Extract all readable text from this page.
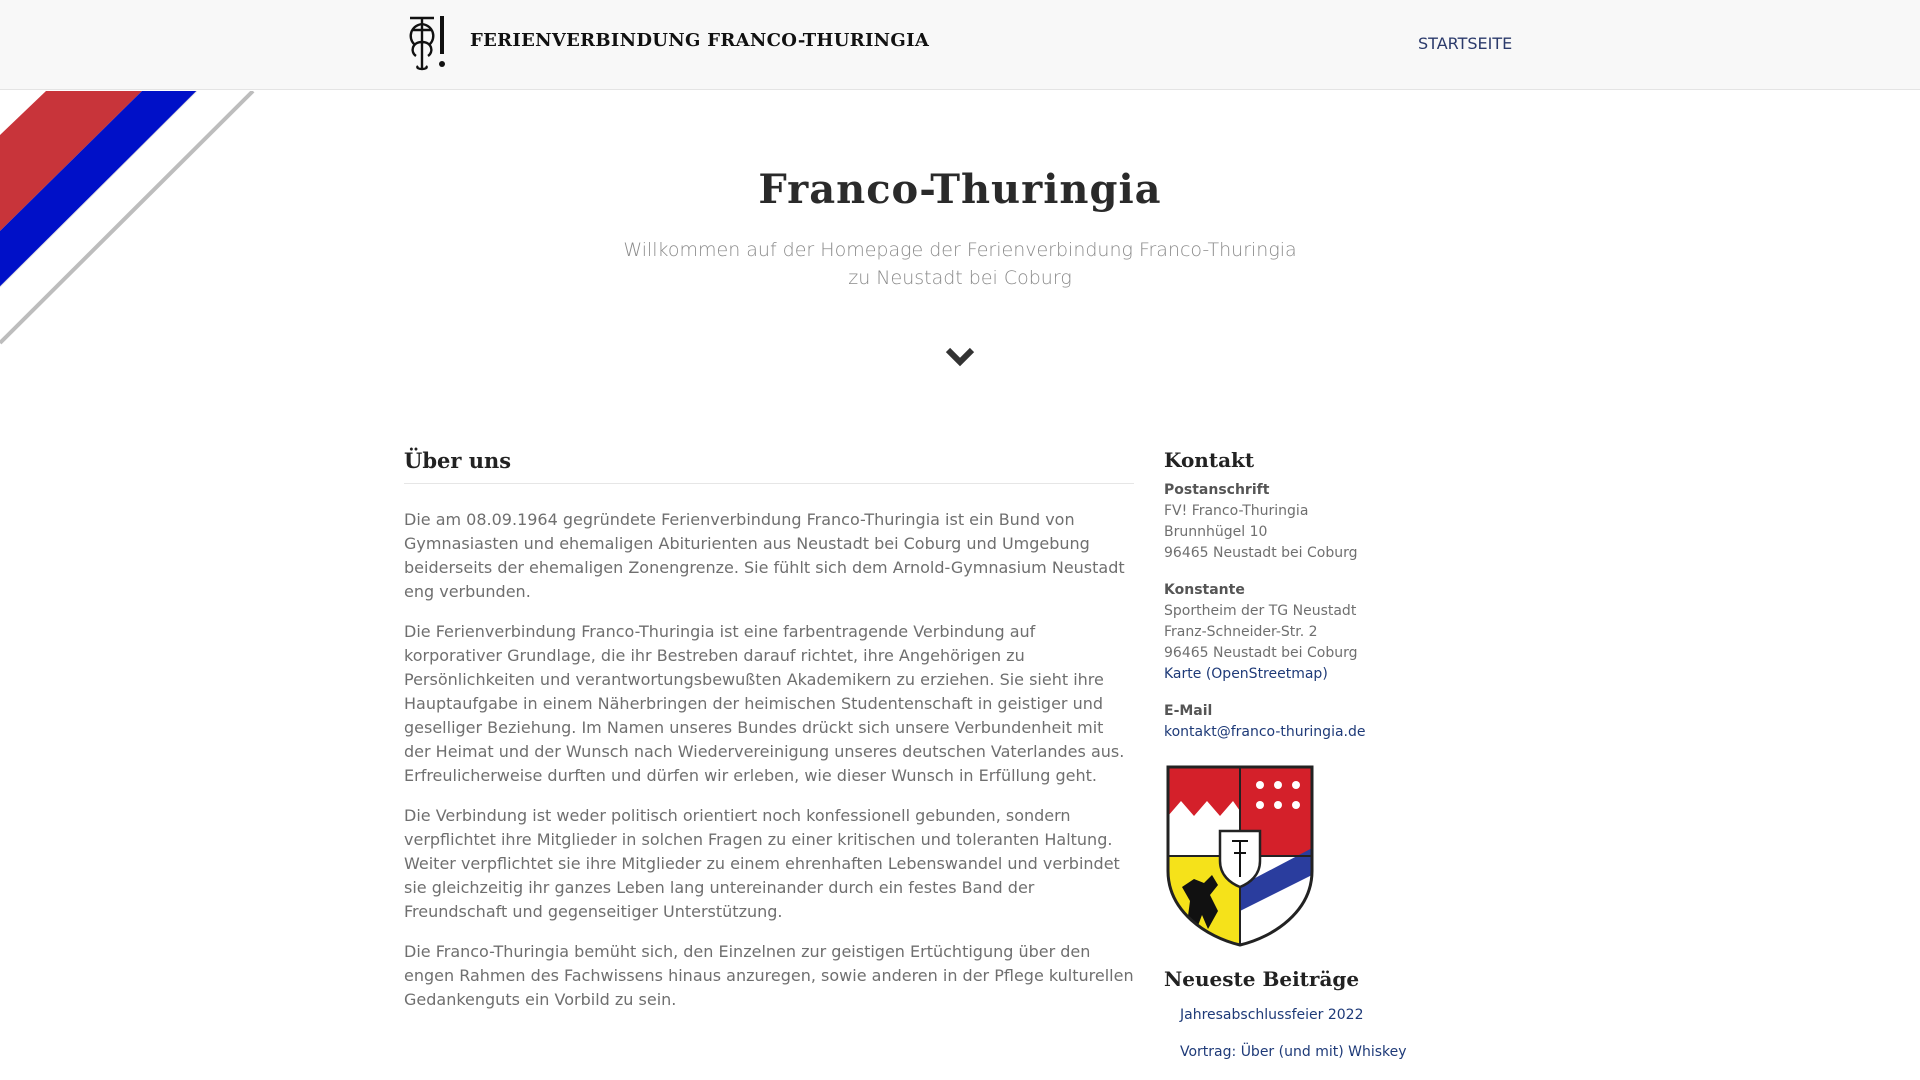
FERIENVERBINDUNG FRANCO-THURINGIA	STARTSEITE
Franco-Thuringia

Willkommen auf der Homepage der Ferienverbindung Franco-Thuringia zu Neustadt bei Coburg

Über uns

Die am 08.09.1964 gegründete Ferienverbindung Franco-Thuringia ist ein Bund von Gymnasiasten und ehemaligen Abiturienten aus Neustadt bei Coburg und Umgebung beiderseits der ehemaligen Zonengrenze. Sie fühlt sich dem Arnold-Gymnasium Neustadt eng verbunden.

Die Ferienverbindung Franco-Thuringia ist eine farbentragende Verbindung auf korporativer Grundlage, die ihr Bestreben darauf richtet, ihre Angehörigen zu Persönlichkeiten und verantwortungsbewußten Akademikern zu erziehen. Sie sieht ihre Hauptaufgabe in einem Näherbringen der heimischen Studentenschaft in geistiger und geselliger Beziehung. Im Namen unseres Bundes drückt sich unsere Verbundenheit mit der Heimat und der Wunsch nach Wiedervereinigung unseres deutschen Vaterlandes aus. Erfreulicherweise durften und dürfen wir erleben, wie dieser Wunsch in Erfüllung geht.

Die Verbindung ist weder politisch orientiert noch konfessionell gebunden, sondern verpflichtet ihre Mitglieder in solchen Fragen zu einer kritischen und toleranten Haltung. Weiter verpflichtet sie ihre Mitglieder zu einem ehrenhaften Lebenswandel und verbindet sie gleichzeitig ihr ganzes Leben lang untereinander durch ein festes Band der Freundschaft und gegenseitiger Unterstützung.

Die Franco-Thuringia bemüht sich, den Einzelnen zur geistigen Ertüchtigung über den engen Rahmen des Fachwissens hinaus anzuregen, sowie anderen in der Pflege kulturellen Gedankenguts ein Vorbild zu sein.

Kontakt
Postanschrift
FV! Franco-Thuringia
Brunnhügel 10
96465 Neustadt bei Coburg
Konstante
Sportheim der TG Neustadt
Franz-Schneider-Str. 2
96465 Neustadt bei Coburg
Karte (OpenStreetmap)
E-Mail
kontakt@franco-thuringia.de
Neueste Beiträge
Jahresabschlussfeier 2022
Vortrag: Über (und mit) Whiskey
